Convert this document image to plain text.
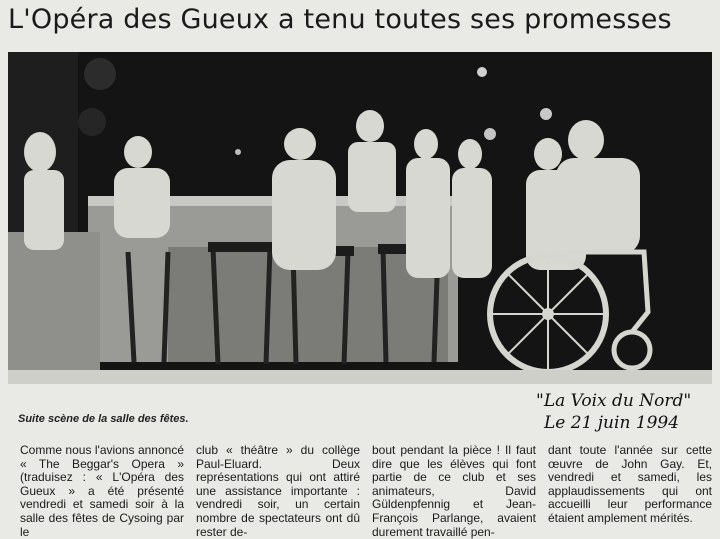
L'Opéra des Gueux a tenu toutes ses promesses
Suite scène de la salle des fêtes.
"La Voix du Nord"
Le 21 juin 1994

Comme nous l'avions annoncé « The Beggar's Opera » (traduisez : « L'Opéra des Gueux » a été présenté vendredi et samedi soir à la salle des fêtes de Cysoing par le

club « théâtre » du collège Paul-Eluard. Deux représentations qui ont attiré une assistance importante : vendredi soir, un certain nombre de spectateurs ont dû rester de-

bout pendant la pièce ! Il faut dire que les élèves qui font partie de ce club et ses animateurs, David Güldenpfennig et Jean-François Parlange, avaient durement travaillé pen-

dant toute l'année sur cette œuvre de John Gay. Et, vendredi et samedi, les applaudissements qui ont accueilli leur performance étaient amplement mérités.
